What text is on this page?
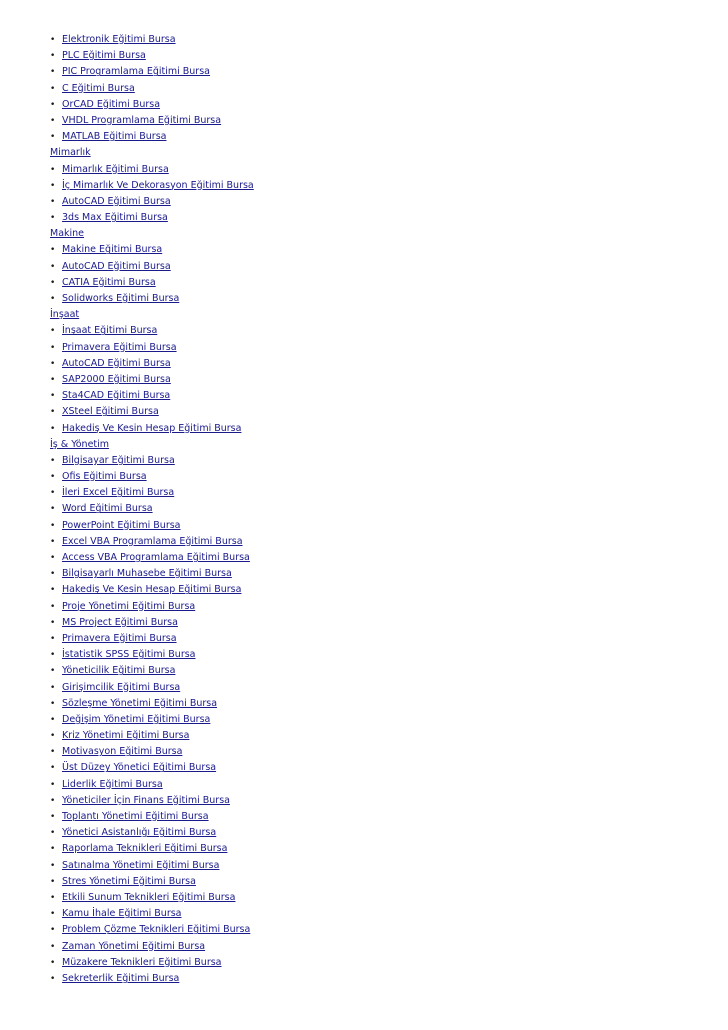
• Elektronik Eğitimi Bursa
• PLC Eğitimi Bursa
• PIC Programlama Eğitimi Bursa
• C Eğitimi Bursa
• OrCAD Eğitimi Bursa
• VHDL Programlama Eğitimi Bursa
• MATLAB Eğitimi Bursa
Mimarlık
• Mimarlık Eğitimi Bursa
• İç Mimarlık Ve Dekorasyon Eğitimi Bursa
• AutoCAD Eğitimi Bursa
• 3ds Max Eğitimi Bursa
Makine
• Makine Eğitimi Bursa
• AutoCAD Eğitimi Bursa
• CATIA Eğitimi Bursa
• Solidworks Eğitimi Bursa
İnşaat
• İnşaat Eğitimi Bursa
• Primavera Eğitimi Bursa
• AutoCAD Eğitimi Bursa
• SAP2000 Eğitimi Bursa
• Sta4CAD Eğitimi Bursa
• XSteel Eğitimi Bursa
• Hakediş Ve Kesin Hesap Eğitimi Bursa
İş & Yönetim
• Bilgisayar Eğitimi Bursa
• Ofis Eğitimi Bursa
• İleri Excel Eğitimi Bursa
• Word Eğitimi Bursa
• PowerPoint Eğitimi Bursa
• Excel VBA Programlama Eğitimi Bursa
• Access VBA Programlama Eğitimi Bursa
• Bilgisayarlı Muhasebe Eğitimi Bursa
• Hakediş Ve Kesin Hesap Eğitimi Bursa
• Proje Yönetimi Eğitimi Bursa
• MS Project Eğitimi Bursa
• Primavera Eğitimi Bursa
• İstatistik SPSS Eğitimi Bursa
• Yöneticilik Eğitimi Bursa
• Girişimcilik Eğitimi Bursa
• Sözleşme Yönetimi Eğitimi Bursa
• Değişim Yönetimi Eğitimi Bursa
• Kriz Yönetimi Eğitimi Bursa
• Motivasyon Eğitimi Bursa
• Üst Düzey Yönetici Eğitimi Bursa
• Liderlik Eğitimi Bursa
• Yöneticiler İçin Finans Eğitimi Bursa
• Toplantı Yönetimi Eğitimi Bursa
• Yönetici Asistanlığı Eğitimi Bursa
• Raporlama Teknikleri Eğitimi Bursa
• Satınalma Yönetimi Eğitimi Bursa
• Stres Yönetimi Eğitimi Bursa
• Etkili Sunum Teknikleri Eğitimi Bursa
• Kamu İhale Eğitimi Bursa
• Problem Çözme Teknikleri Eğitimi Bursa
• Zaman Yönetimi Eğitimi Bursa
• Müzakere Teknikleri Eğitimi Bursa
• Sekreterlik Eğitimi Bursa
